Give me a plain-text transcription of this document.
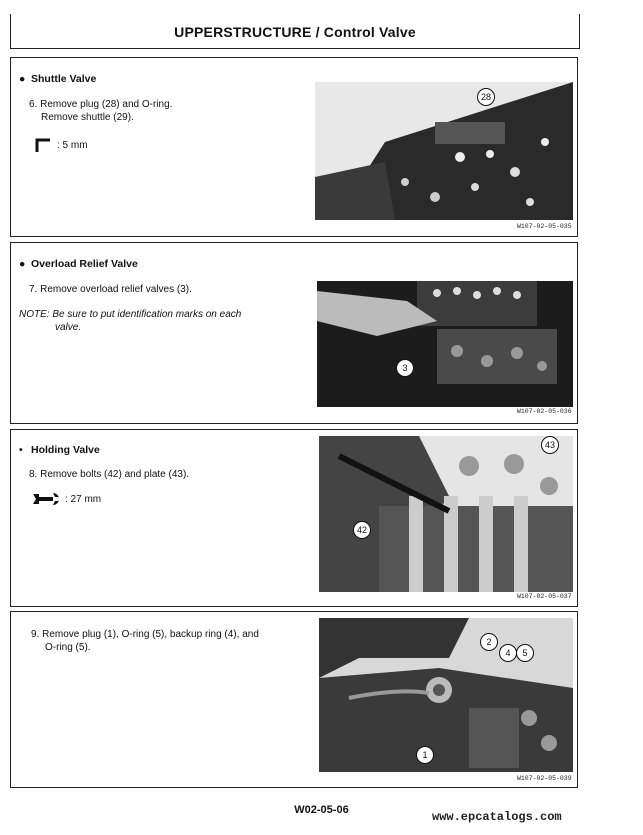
UPPERSTRUCTURE / Control Valve
● Shuttle Valve
6. Remove plug (28) and O-ring.
Remove shuttle (29).
: 5 mm
28
W107-02-05-035
● Overload Relief Valve
7. Remove overload relief valves (3).
NOTE: Be sure to put identification marks on each
valve.
3
W107-02-05-036
• Holding Valve
8. Remove bolts (42) and plate (43).
: 27 mm
43
42
W107-02-05-037
9. Remove plug (1), O-ring (5), backup ring (4), and
O-ring (5).	2
4	5
1
W107-02-05-039
W02-05-06	www.epcatalogs.com
